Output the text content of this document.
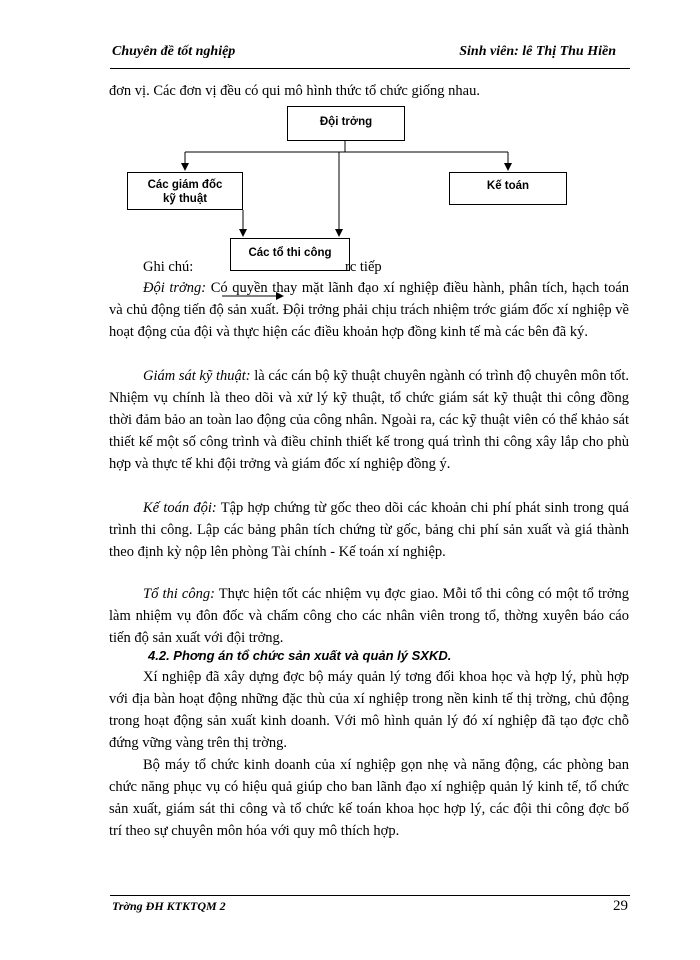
Chuyên đề tốt nghiệp	Sinh viên: lê Thị Thu Hiền
đơn vị. Các đơn vị đều có qui mô hình thức tổ chức giống nhau.
Đội trởng
Các giám đốc kỹ thuật
Kế toán
Các tổ thi công
Ghi chú:	rc tiếp
Đội trởng: Có quyền thay mặt lãnh đạo xí nghiệp điều hành, phân tích, hạch toán và chủ động tiến độ sản xuất. Đội trởng phải chịu trách nhiệm trớc giám đốc xí nghiệp về hoạt động của đội và thực hiện các điều khoản hợp đồng kinh tế mà các bên đã ký.
Giám sát kỹ thuật: là các cán bộ kỹ thuật chuyên ngành có trình độ chuyên môn tốt. Nhiệm vụ chính là theo dõi và xử lý kỹ thuật, tổ chức giám sát kỹ thuật thi công đồng thời đảm bảo an toàn lao động của công nhân. Ngoài ra, các kỹ thuật viên có thể khảo sát thiết kế một số công trình và điều chỉnh thiết kế trong quá trình thi công xây lắp cho phù hợp và thực tế khi đội trởng và giám đốc xí nghiệp đồng ý.
Kế toán đội: Tập hợp chứng từ gốc theo dõi các khoản chi phí phát sinh trong quá trình thi công. Lập các bảng phân tích chứng từ gốc, bảng chi phí sản xuất và giá thành theo định kỳ nộp lên phòng Tài chính - Kế toán xí nghiệp.
Tổ thi công: Thực hiện tốt các nhiệm vụ đợc giao. Mỗi tổ thi công có một tổ trởng làm nhiệm vụ đôn đốc và chấm công cho các nhân viên trong tổ, thờng xuyên báo cáo tiến độ sản xuất với đội trởng.
4.2. Phơng án tổ chức sản xuất và quản lý SXKD.
Xí nghiệp đã xây dựng đợc bộ máy quản lý tơng đối khoa học và hợp lý, phù hợp với địa bàn hoạt động những đặc thù của xí nghiệp trong nền kinh tế thị trờng, chủ động trong hoạt động sản xuất kinh doanh. Với mô hình quản lý đó xí nghiệp đã tạo đợc chỗ đứng vững vàng trên thị trờng.
Bộ máy tổ chức kinh doanh của xí nghiệp gọn nhẹ và năng động, các phòng ban chức năng phục vụ có hiệu quả giúp cho ban lãnh đạo xí nghiệp quản lý kinh tế, tổ chức sản xuất, giám sát thi công và tổ chức kế toán khoa học hợp lý, các đội thi công đợc bố trí theo sự chuyên môn hóa với quy mô thích hợp.
Trờng ĐH KTKTQM 2	29
